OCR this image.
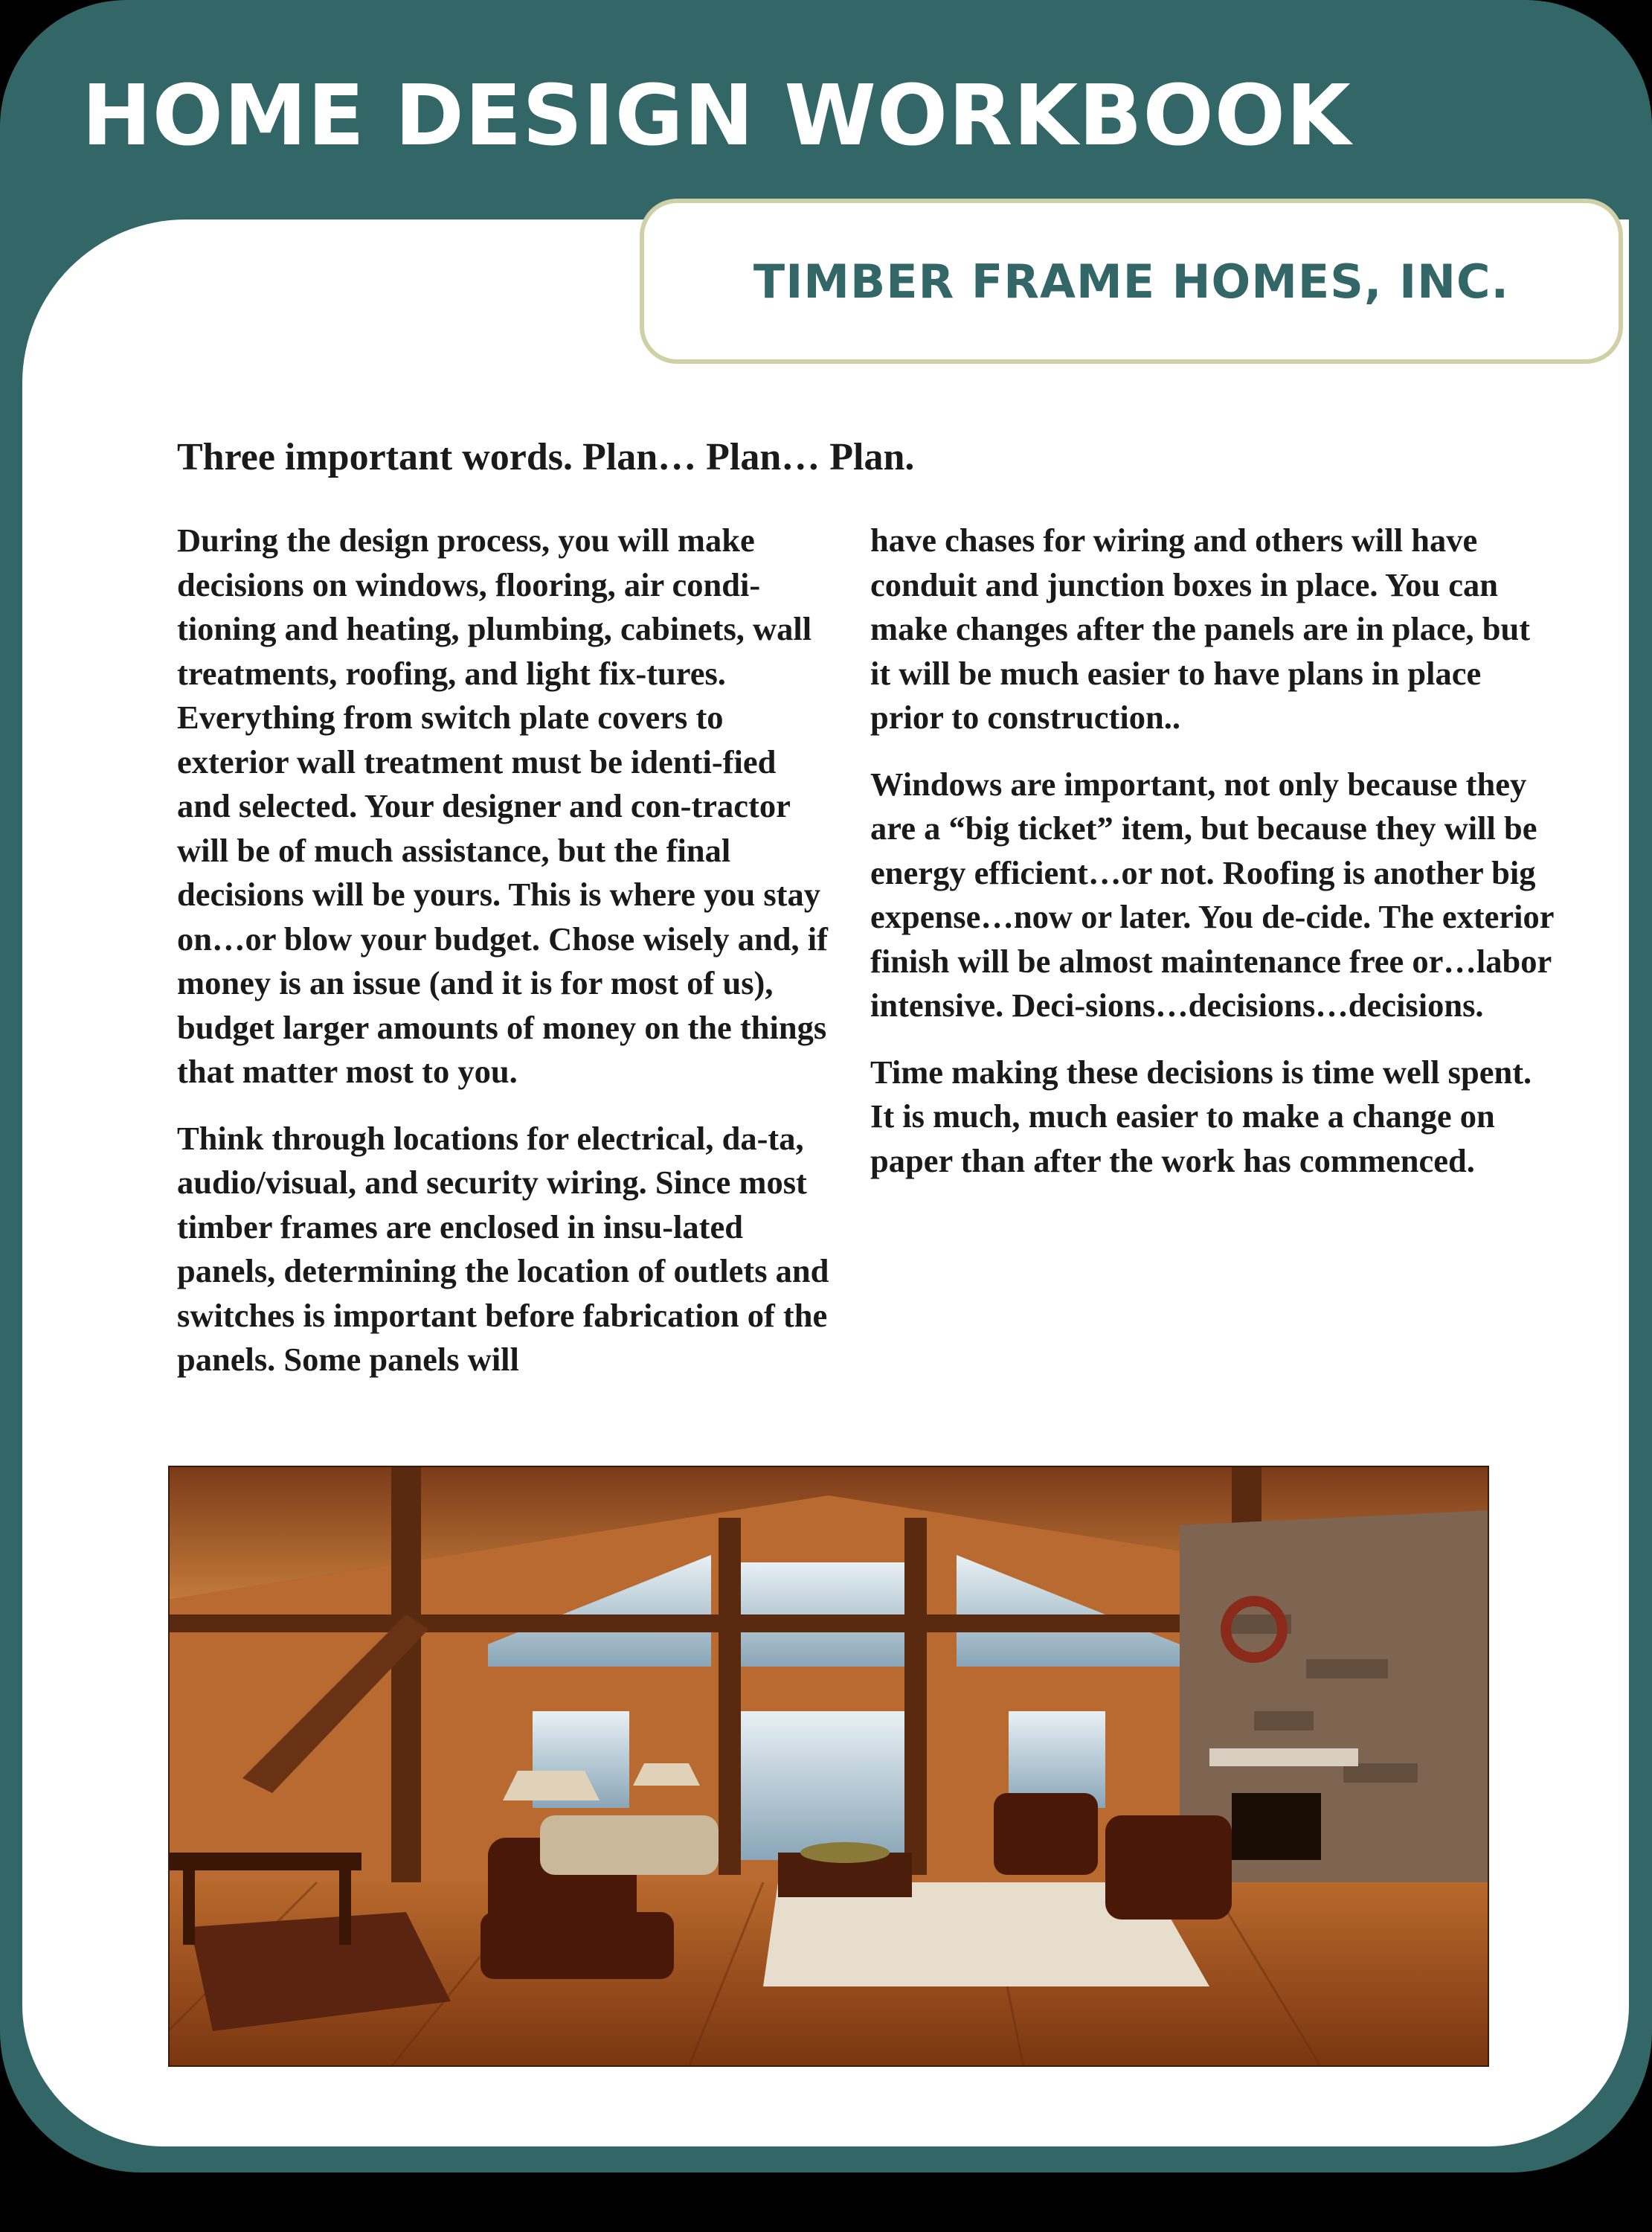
HOME DESIGN WORKBOOK
TIMBER FRAME HOMES, INC.
Three important words. Plan… Plan… Plan.

During the design process, you will make decisions on windows, flooring, air condi-tioning and heating, plumbing, cabinets, wall treatments, roofing, and light fix-tures. Everything from switch plate covers to exterior wall treatment must be identi-fied and selected. Your designer and con-tractor will be of much assistance, but the final decisions will be yours. This is where you stay on…or blow your budget. Chose wisely and, if money is an issue (and it is for most of us), budget larger amounts of money on the things that matter most to you.

Think through locations for electrical, da-ta, audio/visual, and security wiring. Since most timber frames are enclosed in insu-lated panels, determining the location of outlets and switches is important before fabrication of the panels. Some panels will

have chases for wiring and others will have conduit and junction boxes in place. You can make changes after the panels are in place, but it will be much easier to have plans in place prior to construction..

Windows are important, not only because they are a “big ticket” item, but because they will be energy efficient…or not. Roofing is another big expense…now or later. You de-cide. The exterior finish will be almost maintenance free or…labor intensive. Deci-sions…decisions…decisions.

Time making these decisions is time well spent. It is much, much easier to make a change on paper than after the work has commenced.
